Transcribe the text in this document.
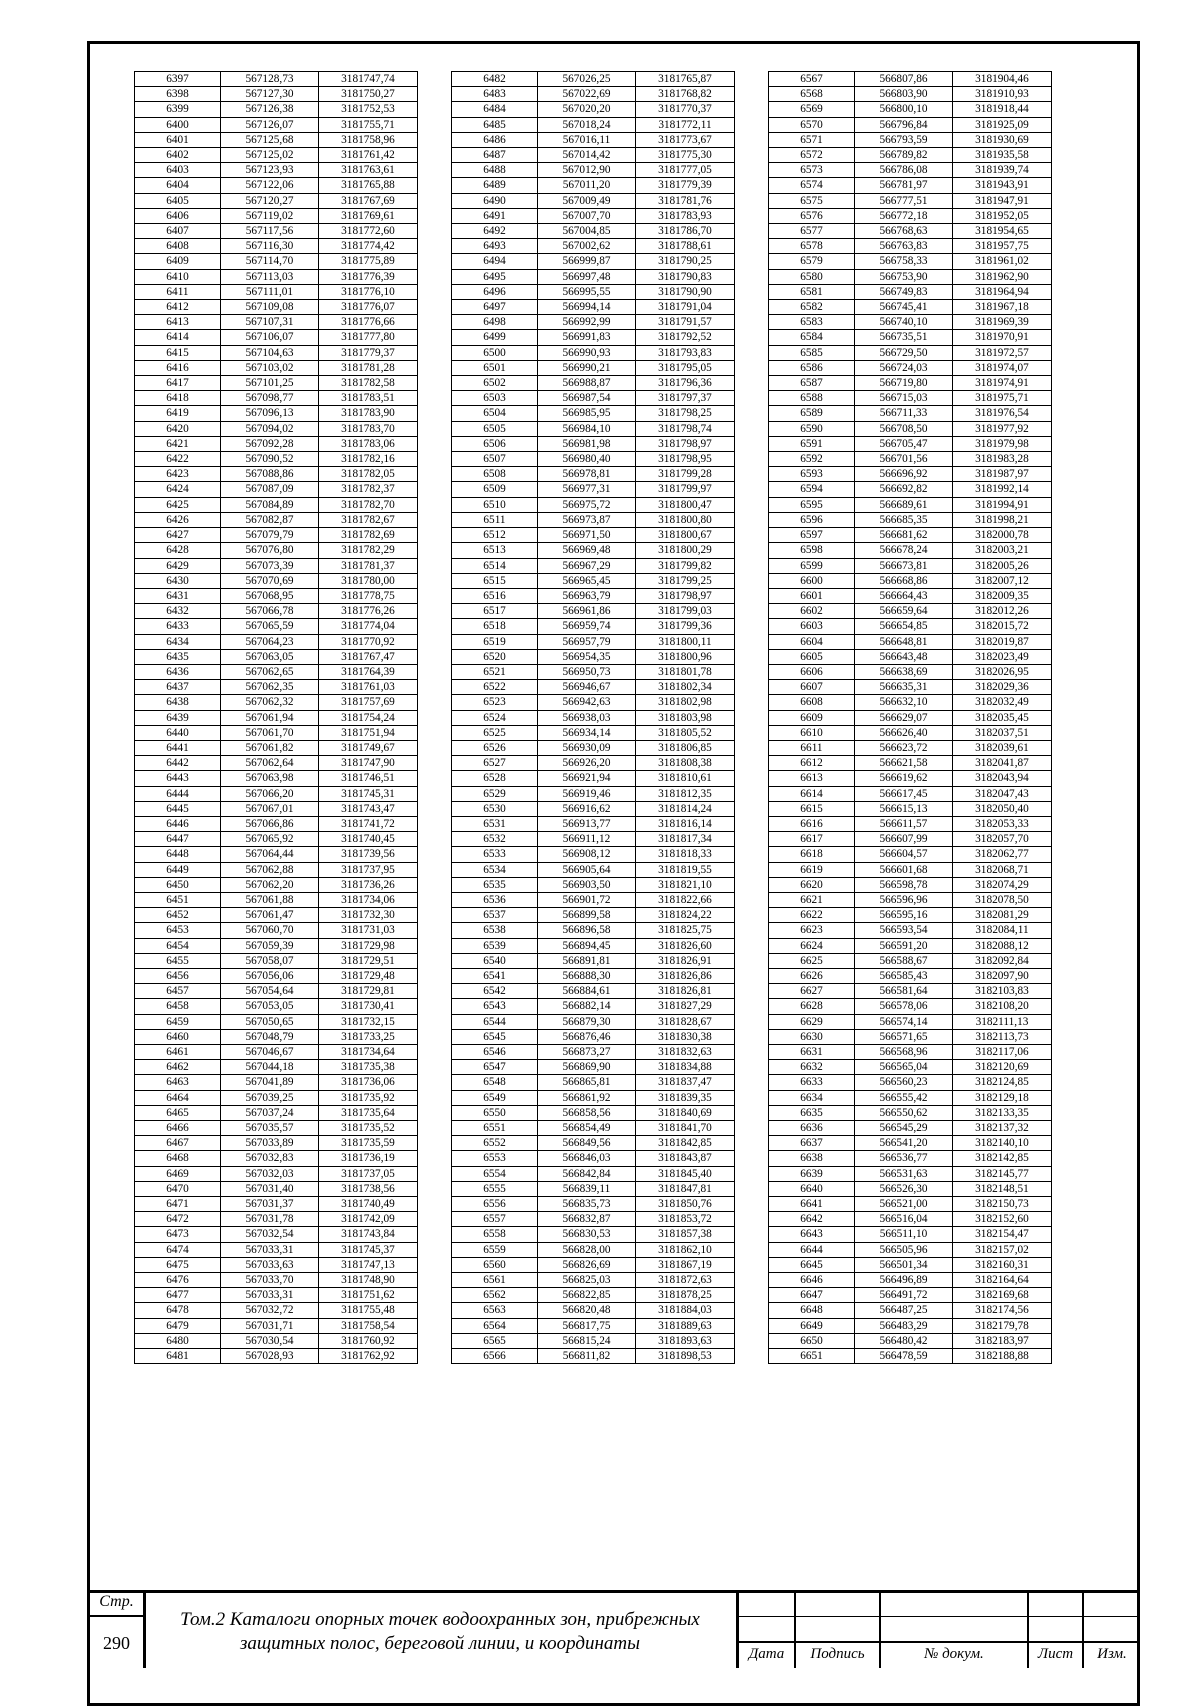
6397	567128,73	3181747,74
6398	567127,30	3181750,27
6399	567126,38	3181752,53
6400	567126,07	3181755,71
6401	567125,68	3181758,96
6402	567125,02	3181761,42
6403	567123,93	3181763,61
6404	567122,06	3181765,88
6405	567120,27	3181767,69
6406	567119,02	3181769,61
6407	567117,56	3181772,60
6408	567116,30	3181774,42
6409	567114,70	3181775,89
6410	567113,03	3181776,39
6411	567111,01	3181776,10
6412	567109,08	3181776,07
6413	567107,31	3181776,66
6414	567106,07	3181777,80
6415	567104,63	3181779,37
6416	567103,02	3181781,28
6417	567101,25	3181782,58
6418	567098,77	3181783,51
6419	567096,13	3181783,90
6420	567094,02	3181783,70
6421	567092,28	3181783,06
6422	567090,52	3181782,16
6423	567088,86	3181782,05
6424	567087,09	3181782,37
6425	567084,89	3181782,70
6426	567082,87	3181782,67
6427	567079,79	3181782,69
6428	567076,80	3181782,29
6429	567073,39	3181781,37
6430	567070,69	3181780,00
6431	567068,95	3181778,75
6432	567066,78	3181776,26
6433	567065,59	3181774,04
6434	567064,23	3181770,92
6435	567063,05	3181767,47
6436	567062,65	3181764,39
6437	567062,35	3181761,03
6438	567062,32	3181757,69
6439	567061,94	3181754,24
6440	567061,70	3181751,94
6441	567061,82	3181749,67
6442	567062,64	3181747,90
6443	567063,98	3181746,51
6444	567066,20	3181745,31
6445	567067,01	3181743,47
6446	567066,86	3181741,72
6447	567065,92	3181740,45
6448	567064,44	3181739,56
6449	567062,88	3181737,95
6450	567062,20	3181736,26
6451	567061,88	3181734,06
6452	567061,47	3181732,30
6453	567060,70	3181731,03
6454	567059,39	3181729,98
6455	567058,07	3181729,51
6456	567056,06	3181729,48
6457	567054,64	3181729,81
6458	567053,05	3181730,41
6459	567050,65	3181732,15
6460	567048,79	3181733,25
6461	567046,67	3181734,64
6462	567044,18	3181735,38
6463	567041,89	3181736,06
6464	567039,25	3181735,92
6465	567037,24	3181735,64
6466	567035,57	3181735,52
6467	567033,89	3181735,59
6468	567032,83	3181736,19
6469	567032,03	3181737,05
6470	567031,40	3181738,56
6471	567031,37	3181740,49
6472	567031,78	3181742,09
6473	567032,54	3181743,84
6474	567033,31	3181745,37
6475	567033,63	3181747,13
6476	567033,70	3181748,90
6477	567033,31	3181751,62
6478	567032,72	3181755,48
6479	567031,71	3181758,54
6480	567030,54	3181760,92
6481	567028,93	3181762,92
6482	567026,25	3181765,87
6483	567022,69	3181768,82
6484	567020,20	3181770,37
6485	567018,24	3181772,11
6486	567016,11	3181773,67
6487	567014,42	3181775,30
6488	567012,90	3181777,05
6489	567011,20	3181779,39
6490	567009,49	3181781,76
6491	567007,70	3181783,93
6492	567004,85	3181786,70
6493	567002,62	3181788,61
6494	566999,87	3181790,25
6495	566997,48	3181790,83
6496	566995,55	3181790,90
6497	566994,14	3181791,04
6498	566992,99	3181791,57
6499	566991,83	3181792,52
6500	566990,93	3181793,83
6501	566990,21	3181795,05
6502	566988,87	3181796,36
6503	566987,54	3181797,37
6504	566985,95	3181798,25
6505	566984,10	3181798,74
6506	566981,98	3181798,97
6507	566980,40	3181798,95
6508	566978,81	3181799,28
6509	566977,31	3181799,97
6510	566975,72	3181800,47
6511	566973,87	3181800,80
6512	566971,50	3181800,67
6513	566969,48	3181800,29
6514	566967,29	3181799,82
6515	566965,45	3181799,25
6516	566963,79	3181798,97
6517	566961,86	3181799,03
6518	566959,74	3181799,36
6519	566957,79	3181800,11
6520	566954,35	3181800,96
6521	566950,73	3181801,78
6522	566946,67	3181802,34
6523	566942,63	3181802,98
6524	566938,03	3181803,98
6525	566934,14	3181805,52
6526	566930,09	3181806,85
6527	566926,20	3181808,38
6528	566921,94	3181810,61
6529	566919,46	3181812,35
6530	566916,62	3181814,24
6531	566913,77	3181816,14
6532	566911,12	3181817,34
6533	566908,12	3181818,33
6534	566905,64	3181819,55
6535	566903,50	3181821,10
6536	566901,72	3181822,66
6537	566899,58	3181824,22
6538	566896,58	3181825,75
6539	566894,45	3181826,60
6540	566891,81	3181826,91
6541	566888,30	3181826,86
6542	566884,61	3181826,81
6543	566882,14	3181827,29
6544	566879,30	3181828,67
6545	566876,46	3181830,38
6546	566873,27	3181832,63
6547	566869,90	3181834,88
6548	566865,81	3181837,47
6549	566861,92	3181839,35
6550	566858,56	3181840,69
6551	566854,49	3181841,70
6552	566849,56	3181842,85
6553	566846,03	3181843,87
6554	566842,84	3181845,40
6555	566839,11	3181847,81
6556	566835,73	3181850,76
6557	566832,87	3181853,72
6558	566830,53	3181857,38
6559	566828,00	3181862,10
6560	566826,69	3181867,19
6561	566825,03	3181872,63
6562	566822,85	3181878,25
6563	566820,48	3181884,03
6564	566817,75	3181889,63
6565	566815,24	3181893,63
6566	566811,82	3181898,53
6567	566807,86	3181904,46
6568	566803,90	3181910,93
6569	566800,10	3181918,44
6570	566796,84	3181925,09
6571	566793,59	3181930,69
6572	566789,82	3181935,58
6573	566786,08	3181939,74
6574	566781,97	3181943,91
6575	566777,51	3181947,91
6576	566772,18	3181952,05
6577	566768,63	3181954,65
6578	566763,83	3181957,75
6579	566758,33	3181961,02
6580	566753,90	3181962,90
6581	566749,83	3181964,94
6582	566745,41	3181967,18
6583	566740,10	3181969,39
6584	566735,51	3181970,91
6585	566729,50	3181972,57
6586	566724,03	3181974,07
6587	566719,80	3181974,91
6588	566715,03	3181975,71
6589	566711,33	3181976,54
6590	566708,50	3181977,92
6591	566705,47	3181979,98
6592	566701,56	3181983,28
6593	566696,92	3181987,97
6594	566692,82	3181992,14
6595	566689,61	3181994,91
6596	566685,35	3181998,21
6597	566681,62	3182000,78
6598	566678,24	3182003,21
6599	566673,81	3182005,26
6600	566668,86	3182007,12
6601	566664,43	3182009,35
6602	566659,64	3182012,26
6603	566654,85	3182015,72
6604	566648,81	3182019,87
6605	566643,48	3182023,49
6606	566638,69	3182026,95
6607	566635,31	3182029,36
6608	566632,10	3182032,49
6609	566629,07	3182035,45
6610	566626,40	3182037,51
6611	566623,72	3182039,61
6612	566621,58	3182041,87
6613	566619,62	3182043,94
6614	566617,45	3182047,43
6615	566615,13	3182050,40
6616	566611,57	3182053,33
6617	566607,99	3182057,70
6618	566604,57	3182062,77
6619	566601,68	3182068,71
6620	566598,78	3182074,29
6621	566596,96	3182078,50
6622	566595,16	3182081,29
6623	566593,54	3182084,11
6624	566591,20	3182088,12
6625	566588,67	3182092,84
6626	566585,43	3182097,90
6627	566581,64	3182103,83
6628	566578,06	3182108,20
6629	566574,14	3182111,13
6630	566571,65	3182113,73
6631	566568,96	3182117,06
6632	566565,04	3182120,69
6633	566560,23	3182124,85
6634	566555,42	3182129,18
6635	566550,62	3182133,35
6636	566545,29	3182137,32
6637	566541,20	3182140,10
6638	566536,77	3182142,85
6639	566531,63	3182145,77
6640	566526,30	3182148,51
6641	566521,00	3182150,73
6642	566516,04	3182152,60
6643	566511,10	3182154,47
6644	566505,96	3182157,02
6645	566501,34	3182160,31
6646	566496,89	3182164,64
6647	566491,72	3182169,68
6648	566487,25	3182174,56
6649	566483,29	3182179,78
6650	566480,42	3182183,97
6651	566478,59	3182188,88
Стр.
290
Том.2 Каталоги опорных точек водоохранных зон, прибрежных защитных полос, береговой линии, и координаты	Дата	Подпись	№ докум.	Лист	Изм.
